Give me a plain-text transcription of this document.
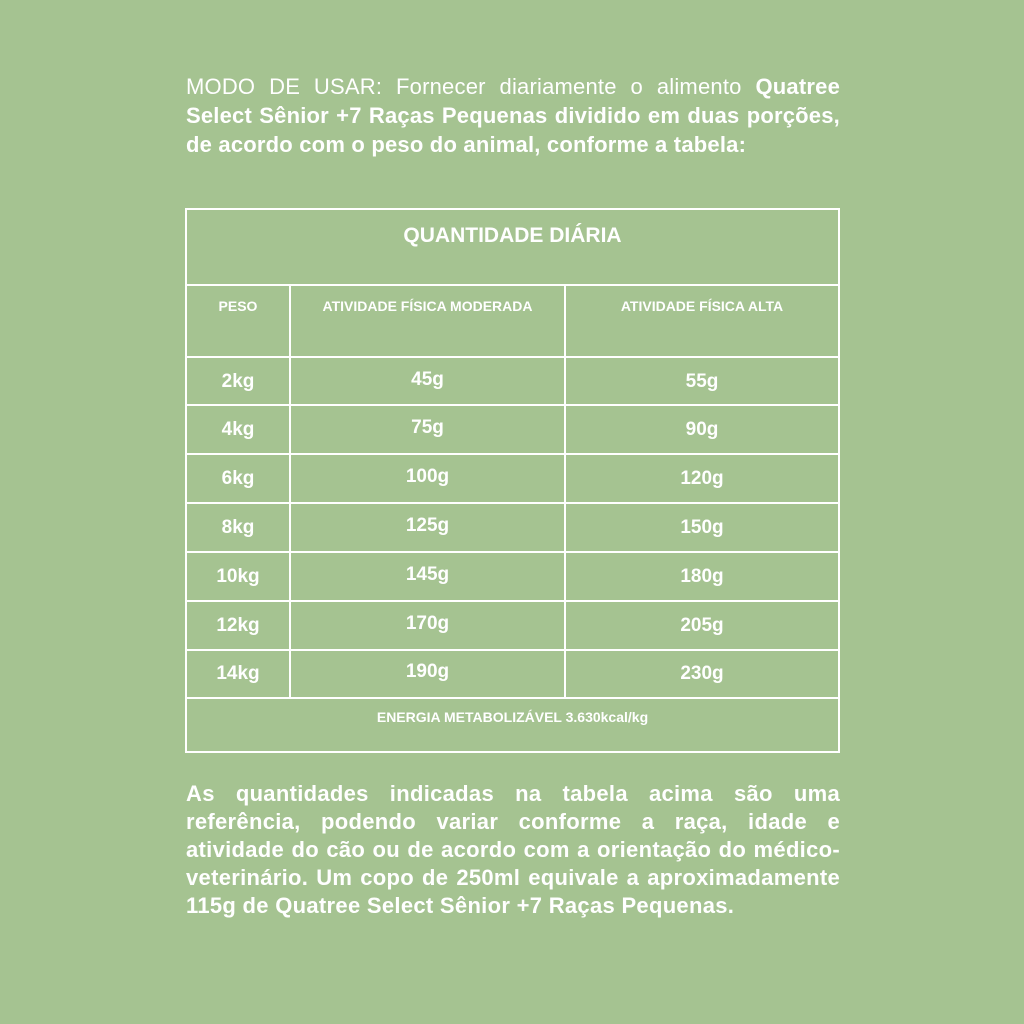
MODO DE USAR: Fornecer diariamente o alimento Quatree Select Sênior +7 Raças Pequenas dividido em duas porções, de acordo com o peso do animal, conforme a tabela:

QUANTIDADE DIÁRIA
PESO	ATIVIDADE FÍSICA MODERADA	ATIVIDADE FÍSICA ALTA
2kg	45g	55g
4kg	75g	90g
6kg	100g	120g
8kg	125g	150g
10kg	145g	180g
12kg	170g	205g
14kg	190g	230g
ENERGIA METABOLIZÁVEL 3.630kcal/kg

As quantidades indicadas na tabela acima são uma referência, podendo variar conforme a raça, idade e atividade do cão ou de acordo com a orientação do médico-veterinário. Um copo de 250ml equivale a aproximadamente 115g de Quatree Select Sênior +7 Raças Pequenas.
